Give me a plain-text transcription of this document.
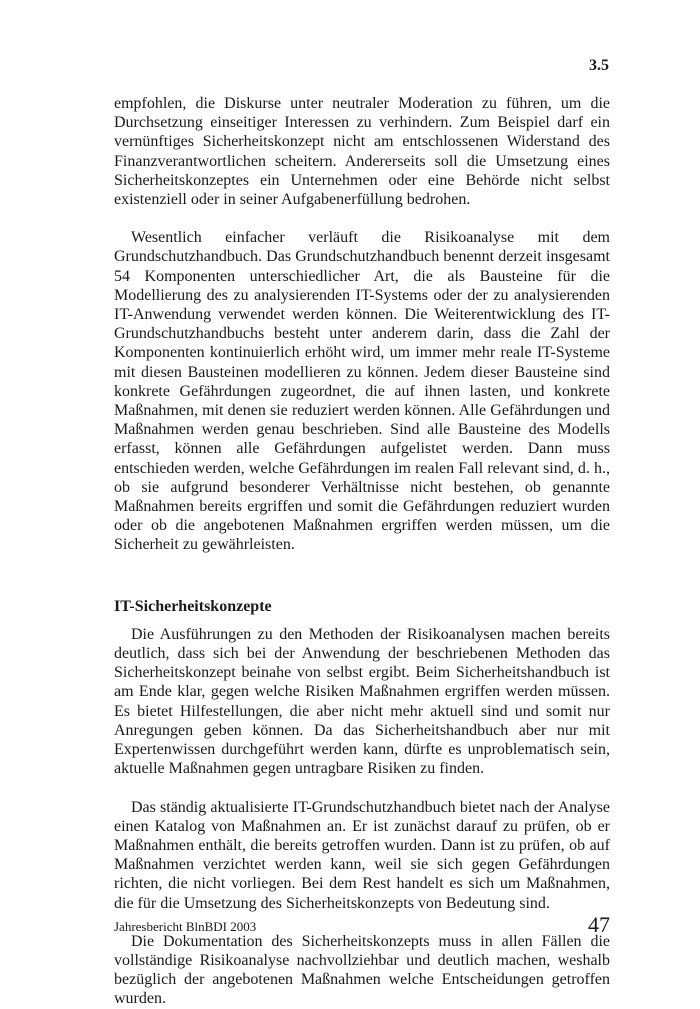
3.5

empfohlen, die Diskurse unter neutraler Moderation zu führen, um die Durchsetzung einseitiger Interessen zu verhindern. Zum Beispiel darf ein vernünftiges Sicherheitskonzept nicht am entschlossenen Widerstand des Finanzverantwortlichen scheitern. Andererseits soll die Umsetzung eines Sicherheitskonzeptes ein Unternehmen oder eine Behörde nicht selbst existenziell oder in seiner Aufgabenerfüllung bedrohen.

Wesentlich einfacher verläuft die Risikoanalyse mit dem Grundschutzhandbuch. Das Grundschutzhandbuch benennt derzeit insgesamt 54 Komponenten unterschiedlicher Art, die als Bausteine für die Modellierung des zu analysierenden IT-Systems oder der zu analysierenden IT-Anwendung verwendet werden können. Die Weiterentwicklung des IT-Grundschutzhandbuchs besteht unter anderem darin, dass die Zahl der Komponenten kontinuierlich erhöht wird, um immer mehr reale IT-Systeme mit diesen Bausteinen modellieren zu können. Jedem dieser Bausteine sind konkrete Gefährdungen zugeordnet, die auf ihnen lasten, und konkrete Maßnahmen, mit denen sie reduziert werden können. Alle Gefährdungen und Maßnahmen werden genau beschrieben. Sind alle Bausteine des Modells erfasst, können alle Gefährdungen aufgelistet werden. Dann muss entschieden werden, welche Gefährdungen im realen Fall relevant sind, d. h., ob sie aufgrund besonderer Verhältnisse nicht bestehen, ob genannte Maßnahmen bereits ergriffen und somit die Gefährdungen reduziert wurden oder ob die angebotenen Maßnahmen ergriffen werden müssen, um die Sicherheit zu gewährleisten.

IT-Sicherheitskonzepte

Die Ausführungen zu den Methoden der Risikoanalysen machen bereits deutlich, dass sich bei der Anwendung der beschriebenen Methoden das Sicherheitskonzept beinahe von selbst ergibt. Beim Sicherheitshandbuch ist am Ende klar, gegen welche Risiken Maßnahmen ergriffen werden müssen. Es bietet Hilfestellungen, die aber nicht mehr aktuell sind und somit nur Anregungen geben können. Da das Sicherheitshandbuch aber nur mit Expertenwissen durchgeführt werden kann, dürfte es unproblematisch sein, aktuelle Maßnahmen gegen untragbare Risiken zu finden.

Das ständig aktualisierte IT-Grundschutzhandbuch bietet nach der Analyse einen Katalog von Maßnahmen an. Er ist zunächst darauf zu prüfen, ob er Maßnahmen enthält, die bereits getroffen wurden. Dann ist zu prüfen, ob auf Maßnahmen verzichtet werden kann, weil sie sich gegen Gefährdungen richten, die nicht vorliegen. Bei dem Rest handelt es sich um Maßnahmen, die für die Umsetzung des Sicherheitskonzepts von Bedeutung sind.

Die Dokumentation des Sicherheitskonzepts muss in allen Fällen die vollständige Risikoanalyse nachvollziehbar und deutlich machen, weshalb bezüglich der angebotenen Maßnahmen welche Entscheidungen getroffen wurden.

Jahresbericht BlnBDI 2003	47
